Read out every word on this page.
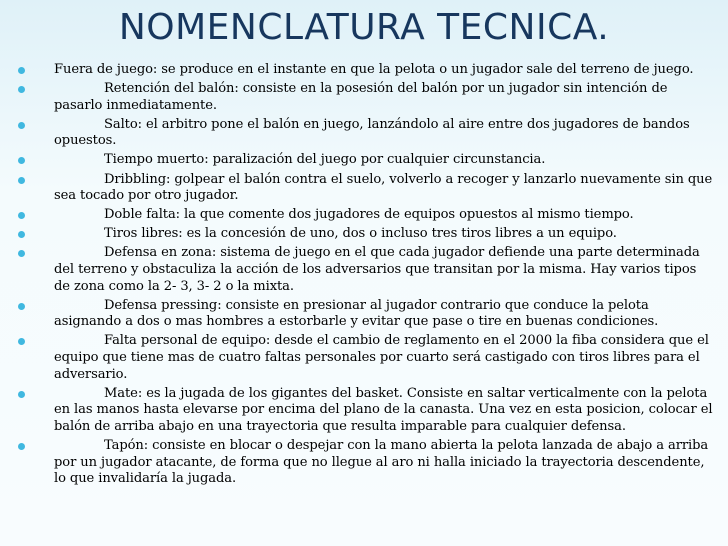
NOMENCLATURA TECNICA.
Fuera de juego: se produce en el instante en que la pelota o un jugador sale del terreno de juego.
Retención del balón: consiste en la posesión del balón por un jugador sin intención de pasarlo inmediatamente.
Salto: el arbitro pone el balón en juego, lanzándolo al aire entre dos jugadores de bandos opuestos.
Tiempo muerto: paralización del juego por cualquier circunstancia.
Dribbling: golpear el balón contra el suelo, volverlo a recoger y lanzarlo nuevamente sin que sea tocado por otro jugador.
Doble falta: la que comente dos jugadores de equipos opuestos al mismo tiempo.
Tiros libres: es la concesión de uno, dos o incluso tres tiros libres a un equipo.
Defensa en zona: sistema de juego en el que cada jugador defiende una parte determinada del terreno y obstaculiza la acción de los adversarios que transitan por la misma. Hay varios tipos de zona como la 2- 3, 3- 2 o la mixta.
Defensa pressing: consiste en presionar al jugador contrario que conduce la pelota asignando a dos o mas hombres a estorbarle y evitar que pase o tire en buenas condiciones.
Falta personal de equipo: desde el cambio de reglamento en el 2000 la fiba considera que el equipo que tiene mas de cuatro faltas personales por cuarto será castigado con tiros libres para el adversario.
Mate: es la jugada de los gigantes del basket. Consiste en saltar verticalmente con la pelota en las manos hasta elevarse por encima del plano de la canasta. Una vez en esta posicion, colocar el balón de arriba abajo en una trayectoria que resulta imparable para cualquier defensa.
Tapón: consiste en blocar o despejar con la mano abierta la pelota lanzada de abajo a arriba por un jugador atacante, de forma que no llegue al aro ni halla iniciado la trayectoria descendente, lo que invalidaría la jugada.
